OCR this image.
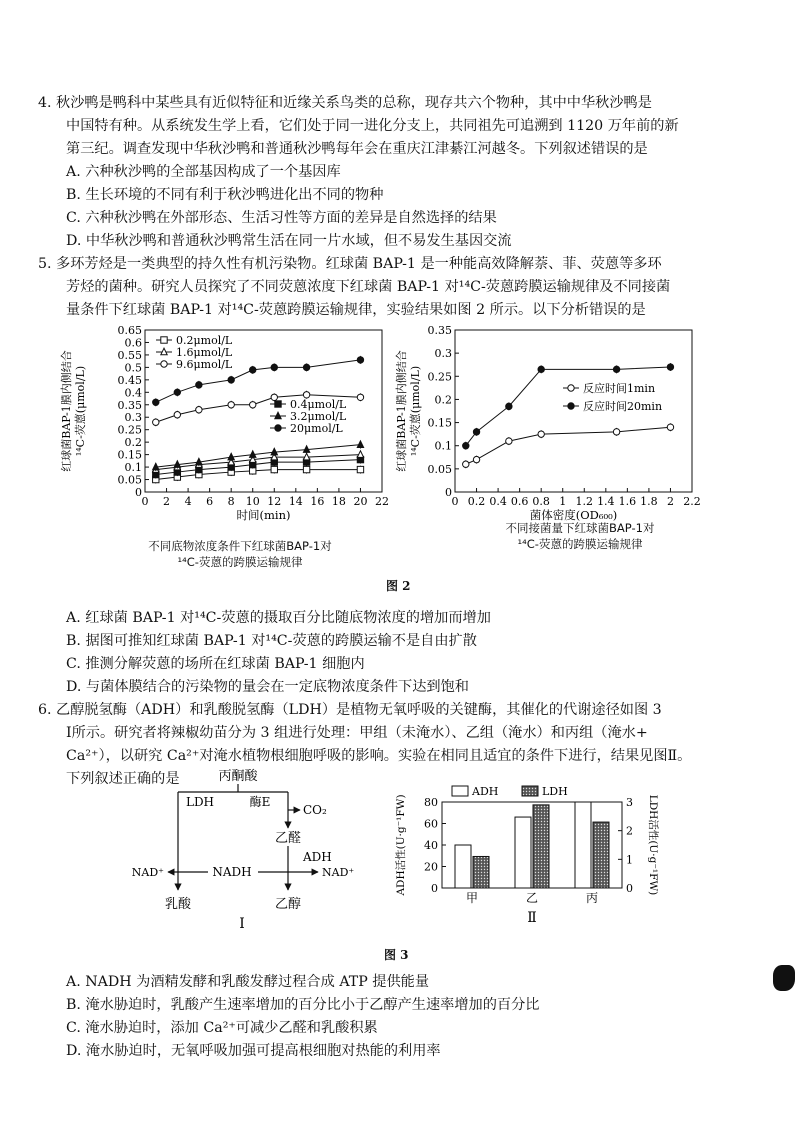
4. 秋沙鸭是鸭科中某些具有近似特征和近缘关系鸟类的总称，现存共六个物种，其中中华秋沙鸭是
中国特有种。从系统发生学上看，它们处于同一进化分支上，共同祖先可追溯到 1120 万年前的新
第三纪。调查发现中华秋沙鸭和普通秋沙鸭每年会在重庆江津綦江河越冬。下列叙述错误的是
A. 六种秋沙鸭的全部基因构成了一个基因库
B. 生长环境的不同有利于秋沙鸭进化出不同的物种
C. 六种秋沙鸭在外部形态、生活习性等方面的差异是自然选择的结果
D. 中华秋沙鸭和普通秋沙鸭常生活在同一片水域，但不易发生基因交流
5. 多环芳烃是一类典型的持久性有机污染物。红球菌 BAP-1 是一种能高效降解萘、菲、荧蒽等多环
芳烃的菌种。研究人员探究了不同荧蒽浓度下红球菌 BAP-1 对¹⁴C-荧蒽跨膜运输规律及不同接菌
量条件下红球菌 BAP-1 对¹⁴C-荧蒽跨膜运输规律，实验结果如图 2 所示。以下分析错误的是
0 2 4 6 8 10 12 14 16 18 20 22
0
0.05
0.1
0.15
0.2
0.25
0.3
0.35
0.4
0.45
0.5
0.55
0.6
0.65
时间(min)
红球菌BAP-1膜内侧结合 ¹⁴C-荧蒽(μmol/L)
0.2μmol/L
1.6μmol/L
9.6μmol/L
0.4μmol/L
3.2μmol/L
20μmol/L
不同底物浓度条件下红球菌BAP-1对
¹⁴C-荧蒽的跨膜运输规律
0 0.2 0.4 0.6 0.8 1 1.2 1.4 1.6 1.8 2 2.2
0
0.05
0.1
0.15
0.2
0.25
0.3
0.35
菌体密度(OD₆₀₀)
红球菌BAP-1膜内侧结合 ¹⁴C-荧蒽(μmol/L)	反应时间1min
反应时间20min
不同接菌量下红球菌BAP-1对
¹⁴C-荧蒽的跨膜运输规律
图 2
A. 红球菌 BAP-1 对¹⁴C-荧蒽的摄取百分比随底物浓度的增加而增加
B. 据图可推知红球菌 BAP-1 对¹⁴C-荧蒽的跨膜运输不是自由扩散
C. 推测分解荧蒽的场所在红球菌 BAP-1 细胞内
D. 与菌体膜结合的污染物的量会在一定底物浓度条件下达到饱和
6. 乙醇脱氢酶（ADH）和乳酸脱氢酶（LDH）是植物无氧呼吸的关键酶，其催化的代谢途径如图 3
Ⅰ所示。研究者将辣椒幼苗分为 3 组进行处理：甲组（未淹水）、乙组（淹水）和丙组（淹水+
Ca²⁺），以研究 Ca²⁺对淹水植物根细胞呼吸的影响。实验在相同且适宜的条件下进行，结果见图Ⅱ。
下列叙述正确的是	丙酮酸
LDH	酶E
CO₂
乙醛
ADH
NADH
NAD⁺	NAD⁺
乳酸	乙醇
Ⅰ
0
20
40
60
80
0
1
2
3
ADH活性(U·g⁻¹FW)	LDH活性(U·g⁻¹FW)
甲	乙	丙
ADH	LDH
Ⅱ
图 3
A. NADH 为酒精发酵和乳酸发酵过程合成 ATP 提供能量
B. 淹水胁迫时，乳酸产生速率增加的百分比小于乙醇产生速率增加的百分比
C. 淹水胁迫时，添加 Ca²⁺可减少乙醛和乳酸积累
D. 淹水胁迫时，无氧呼吸加强可提高根细胞对热能的利用率
